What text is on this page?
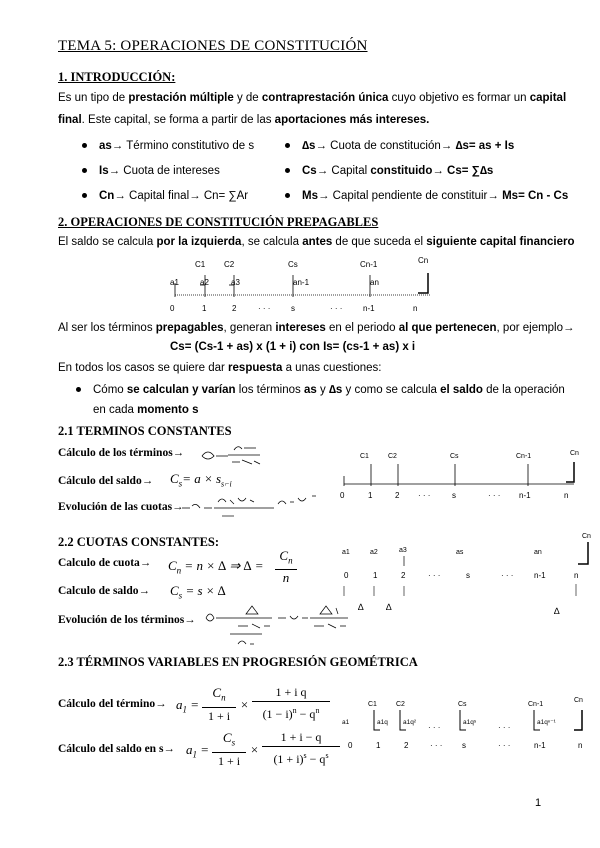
TEMA 5: OPERACIONES DE CONSTITUCIÓN
1. INTRODUCCIÓN:
Es un tipo de prestación múltiple y de contraprestación única cuyo objetivo es formar un capital
final. Este capital, se forma a partir de las aportaciones más intereses.
as→ Término constitutivo de s
Is→ Cuota de intereses
Cn→ Capital final→ Cn= ∑Ar
∆s→ Cuota de constitución→ ∆s= as + Is
Cs→ Capital constituido→ Cs= ∑∆s
Ms→ Capital pendiente de constituir→ Ms= Cn - Cs
2. OPERACIONES DE CONSTITUCIÓN PREPAGABLES
El saldo se calcula por la izquierda, se calcula antes de que suceda el siguiente capital financiero
a1	a2	a3	an-1	an
C1 C2	Cs	Cn-1	Cn
0	1	2	· · ·	s	· · ·	n-1	n
Al ser los términos prepagables, generan intereses en el periodo al que pertenecen, por ejemplo→
Cs= (Cs-1 + as) x (1 + i) con Is= (cs-1 + as) x i
En todos los casos se quiere dar respuesta a unas cuestiones:
Cómo se calculan y varían los términos as y ∆s y como se calcula el saldo de la operación
en cada momento s
2.1 TERMINOS CONSTANTES
Cálculo de los términos→
Cálculo del saldo→ $C_s= a \times s_{s⌐i}$
Evolución de las cuotas→
C1	C2	Cs	Cn-1	Cn
0	1	2 · · ·	s	· · · n-1	n
2.2 CUOTAS CONSTANTES:
Calculo de cuota→ $C_n = n$ × ∆ ⇒ ∆ = $\frac{C_n}{n}$
Calculo de saldo→ $C_s = s$ × ∆
Evolución de los términos→
Cn
a1	a2	a3	as	an
0	1	2	· · ·	s	· · ·	n-1	n
∆ ∆	∆
2.3 TÉRMINOS VARIABLES EN PROGRESIÓN GEOMÉTRICA
Cálculo del término→ $a_1 = \frac{C_n}{1 + i} \times \frac{\text{1 + i q}}{(1 - i)^n - q^n}$
Cálculo del saldo en $s\to a_1 = \frac{C_s}{1 + i} \times \frac{1 + i - q}{(1 + i)^s - q^s}$
C1	C2	Cs	Cn-1
Cn
a1	a1q a1q²	a1qˢ	a1qⁿ⁻¹
· · ·	· · ·
0	1	2	· · · s	· · ·	n-1	n
1
